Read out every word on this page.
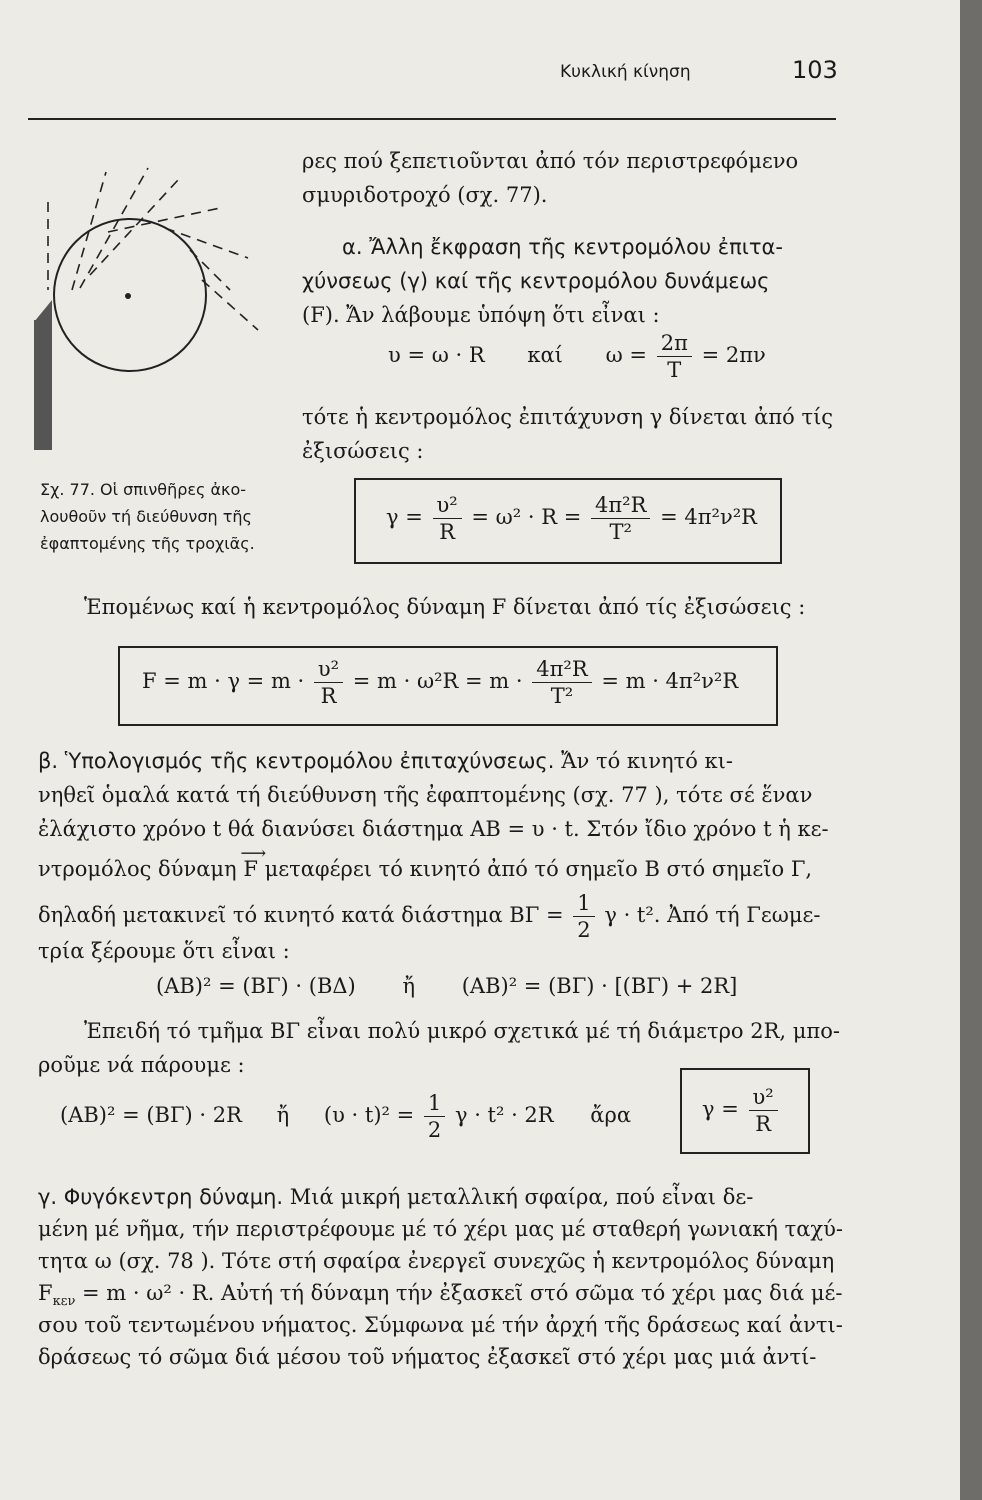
Κυκλική κίνηση	103
Σχ. 77. Οἱ σπινθῆρες ἀκο-
λουθοῦν τή διεύθυνση τῆς
ἐφαπτομένης τῆς τροχιᾶς.
ρες πού ξεπετιοῦνται ἀπό τόν περιστρεφόμενο
σμυριδοτροχό (σχ. 77).
α. Ἄλλη ἔκφραση τῆς κεντρομόλου ἐπιτα-
χύνσεως (γ) καί τῆς κεντρομόλου δυνάμεως
(F). Ἄν λάβουμε ὑπόψη ὅτι εἶναι :
υ = ω · R καί $\omega = \frac{2\pi}{T} = 2\pi\nu$
τότε ἡ κεντρομόλος ἐπιτάχυνση γ δίνεται ἀπό τίς
ἐξισώσεις :
$\gamma = \frac{\text{υ²}}{R} = \omega^2 \cdot R = \frac{\text{4π²R}}{\text{T²}} = 4\pi^2\nu^2R$
Ἑπομένως καί ἡ κεντρομόλος δύναμη F δίνεται ἀπό τίς ἐξισώσεις :
$F = m \cdot \gamma = m \cdot \frac{\text{υ²}}{R} = m \cdot \omega^2R = m \cdot \frac{\text{4π²R}}{\text{T²}} = m \cdot 4\pi^2\nu^2R$
β. Ὑπολογισμός τῆς κεντρομόλου ἐπιταχύνσεως. Ἄν τό κινητό κι-
νηθεῖ ὁμαλά κατά τή διεύθυνση τῆς ἐφαπτομένης (σχ. 77 ), τότε σέ ἕναν
ἐλάχιστο χρόνο t θά διανύσει διάστημα AB = υ · t. Στόν ἴδιο χρόνο t ἡ κε-
ντρομόλος δύναμη ⟶ F μεταφέρει τό κινητό ἀπό τό σημεῖο Β στό σημεῖο Γ,
δηλαδή μετακινεῖ τό κινητό κατά διάστημα $B\Gamma = \frac{1}{2}$ γ · t². Ἀπό τή Γεωμε-
τρία ξέρουμε ὅτι εἶναι :
(AB)² = (ΒΓ) · (ΒΔ) ἤ (AB)² = (ΒΓ) · [(ΒΓ) + 2R]
Ἐπειδή τό τμῆμα ΒΓ εἶναι πολύ μικρό σχετικά μέ τή διάμετρο 2R, μπο-
ροῦμε νά πάρουμε :
(AB)² = (ΒΓ) · 2R ἤ $(\upsilon \cdot t)^2 = \frac{1}{2}$ γ · t² · 2R ἄρα	$\gamma = \frac{\text{υ²}}{R}$
γ. Φυγόκεντρη δύναμη. Μιά μικρή μεταλλική σφαίρα, πού εἶναι δε-
μένη μέ νῆμα, τήν περιστρέφουμε μέ τό χέρι μας μέ σταθερή γωνιακή ταχύ-
τητα ω (σχ. 78 ). Τότε στή σφαίρα ἐνεργεῖ συνεχῶς ἡ κεντρομόλος δύναμη
$F_{\kappa\varepsilon\nu} = m \cdot \omega^2 \cdot R$. Αὐτή τή δύναμη τήν ἐξασκεῖ στό σῶμα τό χέρι μας διά μέ-
σου τοῦ τεντωμένου νήματος. Σύμφωνα μέ τήν ἀρχή τῆς δράσεως καί ἀντι-
δράσεως τό σῶμα διά μέσου τοῦ νήματος ἐξασκεῖ στό χέρι μας μιά ἀντί-
